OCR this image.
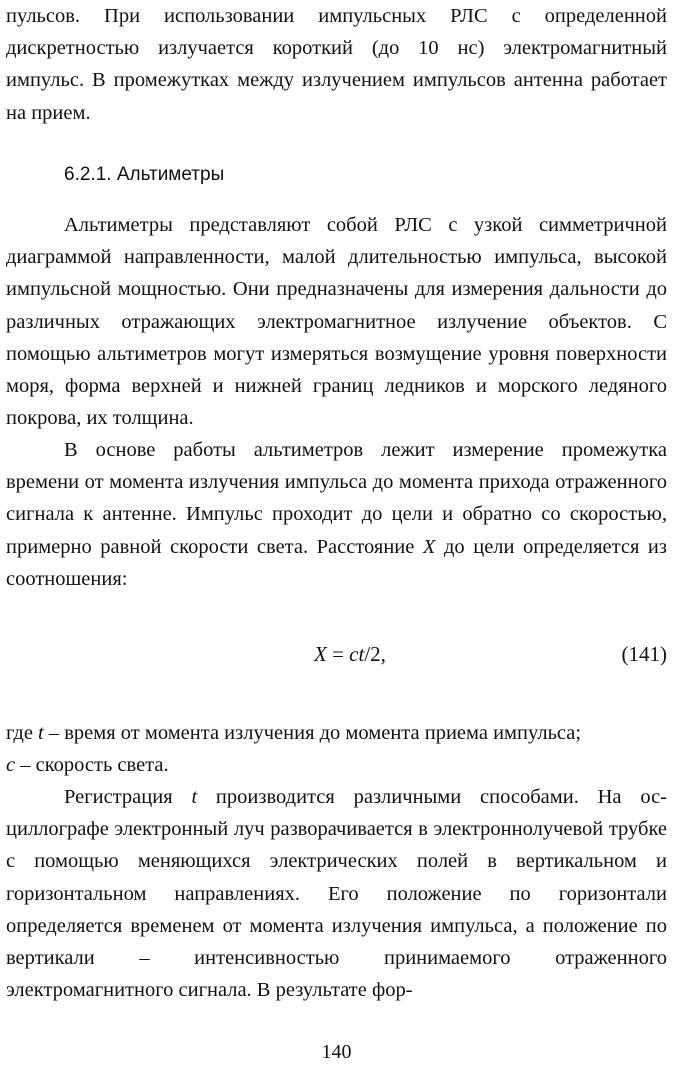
пульсов. При использовании импульсных РЛС с определенной дискретностью излучается короткий (до 10 нс) электромагнитный импульс. В промежутках между излучением импульсов антенна работает на прием.

6.2.1. Альтиметры

Альтиметры представляют собой РЛС с узкой симметричной диаграммой направленности, малой длительностью импульса, высокой импульсной мощностью. Они предназначены для измерения дальности до различных отражающих электромагнитное излучение объектов. С помощью альтиметров могут измеряться возмущение уровня поверхности моря, форма верхней и нижней границ ледников и морского ледяного покрова, их толщина.

В основе работы альтиметров лежит измерение промежутка времени от момента излучения импульса до момента прихода отраженного сигнала к антенне. Импульс проходит до цели и обратно со скоростью, примерно равной скорости света. Расстояние X до цели определяется из соотношения:

X = ct/2,	(141)

где t – время от момента излучения до момента приема импульса;
c – скорость света.

Регистрация t производится различными способами. На осциллографе электронный луч разворачивается в электроннолучевой трубке с помощью меняющихся электрических полей в вертикальном и горизонтальном направлениях. Его положение по горизонтали определяется временем от момента излучения импульса, а положение по вертикали – интенсивностью принимаемого отраженного электромагнитного сигнала. В результате фор-

140
